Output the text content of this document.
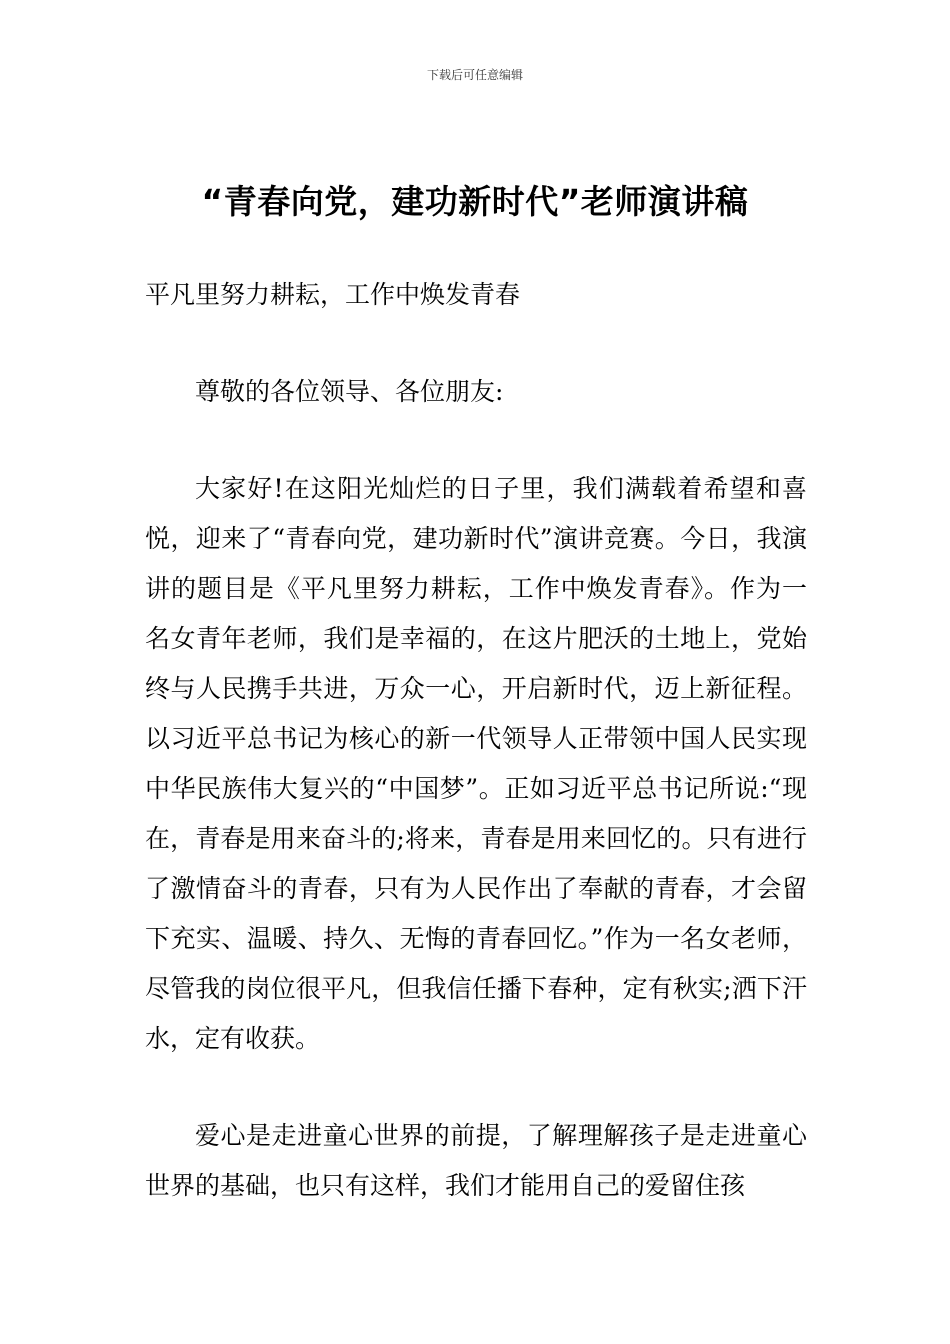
下载后可任意编辑
“青春向党，建功新时代”老师演讲稿

平凡里努力耕耘，工作中焕发青春

尊敬的各位领导、各位朋友:

大家好!在这阳光灿烂的日子里，我们满载着希望和喜悦，迎来了“青春向党，建功新时代”演讲竞赛。今日，我演讲的题目是《平凡里努力耕耘，工作中焕发青春》。作为一名女青年老师，我们是幸福的，在这片肥沃的土地上，党始终与人民携手共进，万众一心，开启新时代，迈上新征程。以习近平总书记为核心的新一代领导人正带领中国人民实现中华民族伟大复兴的“中国梦”。正如习近平总书记所说:“现在，青春是用来奋斗的;将来，青春是用来回忆的。只有进行了激情奋斗的青春，只有为人民作出了奉献的青春，才会留下充实、温暖、持久、无悔的青春回忆。”作为一名女老师，尽管我的岗位很平凡，但我信任播下春种，定有秋实;洒下汗水，定有收获。

爱心是走进童心世界的前提，了解理解孩子是走进童心世界的基础，也只有这样，我们才能用自己的爱留住孩
